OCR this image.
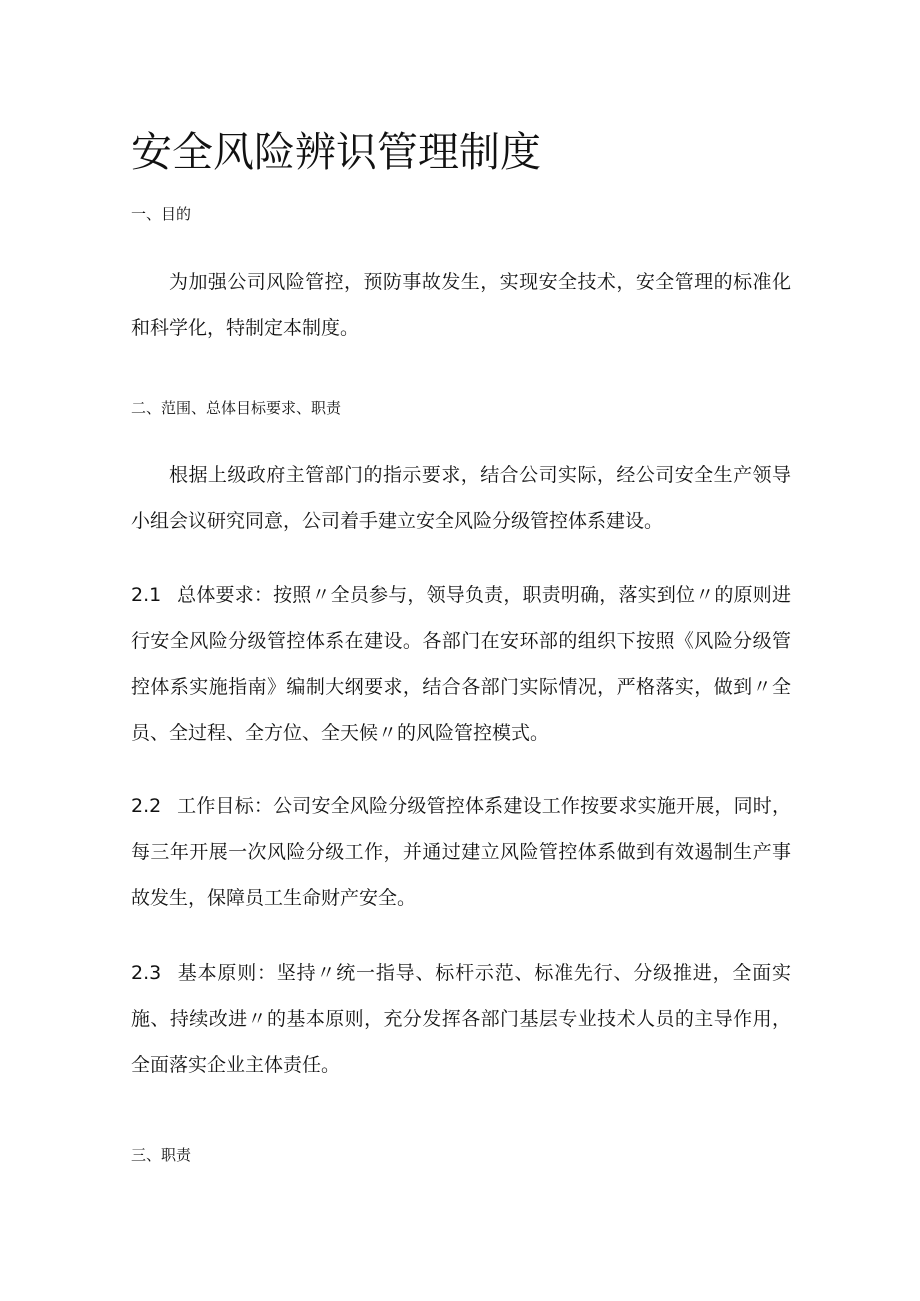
安全风险辨识管理制度

一、目的

为加强公司风险管控，预防事故发生，实现安全技术，安全管理的标准化和科学化，特制定本制度。

二、范围、总体目标要求、职责

根据上级政府主管部门的指示要求，结合公司实际，经公司安全生产领导小组会议研究同意，公司着手建立安全风险分级管控体系建设。

2.1 总体要求：按照〃全员参与，领导负责，职责明确，落实到位〃的原则进行安全风险分级管控体系在建设。各部门在安环部的组织下按照《风险分级管控体系实施指南》编制大纲要求，结合各部门实际情况，严格落实，做到〃全员、全过程、全方位、全天候〃的风险管控模式。

2.2 工作目标：公司安全风险分级管控体系建设工作按要求实施开展，同时，每三年开展一次风险分级工作，并通过建立风险管控体系做到有效遏制生产事故发生，保障员工生命财产安全。

2.3 基本原则：坚持〃统一指导、标杆示范、标准先行、分级推进，全面实施、持续改进〃的基本原则，充分发挥各部门基层专业技术人员的主导作用，全面落实企业主体责任。

三、职责
